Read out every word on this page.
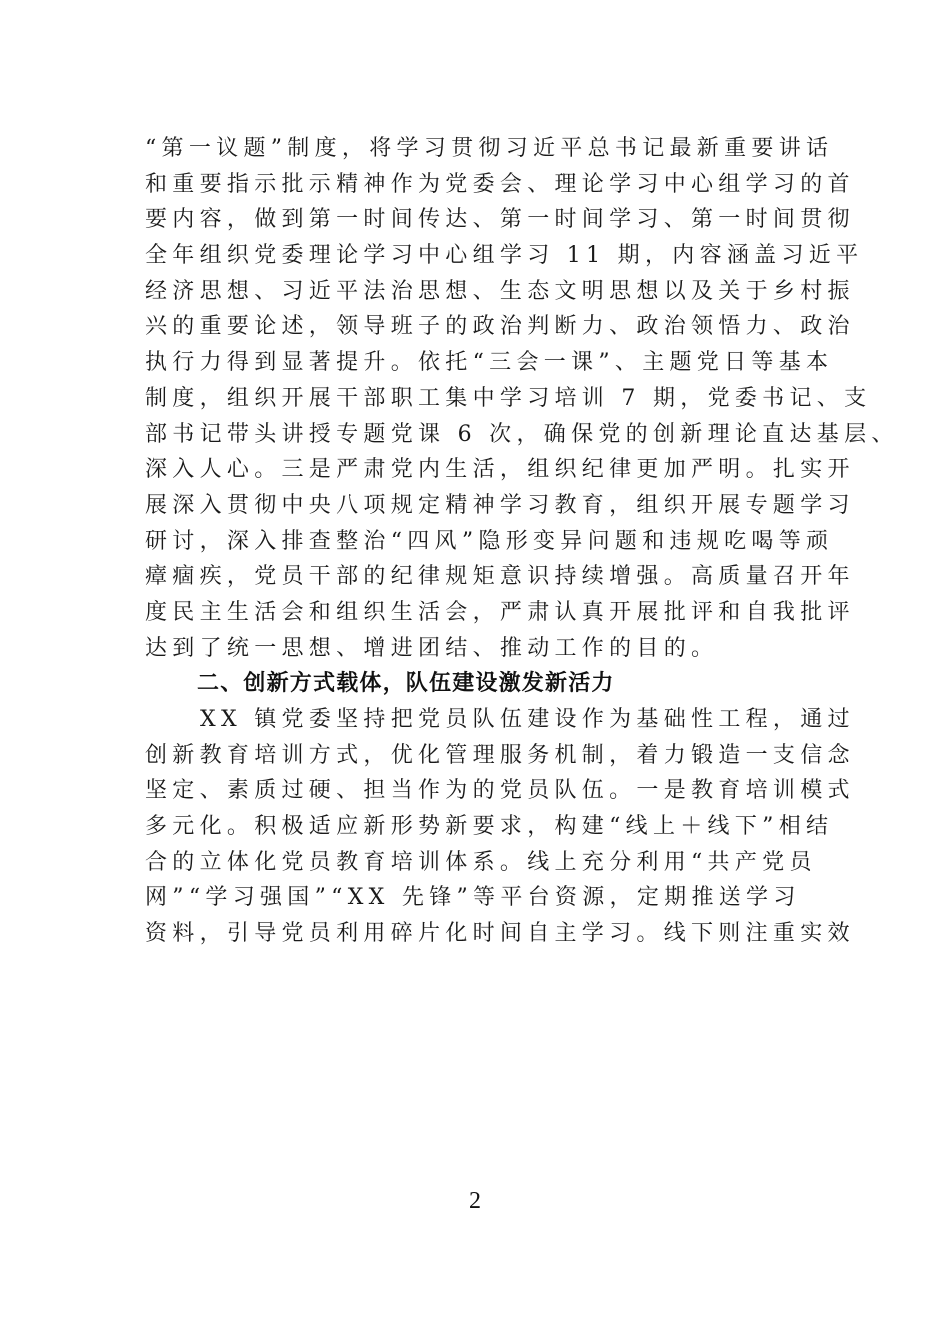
“第一议题”制度，将学习贯彻习近平总书记最新重要讲话
和重要指示批示精神作为党委会、理论学习中心组学习的首
要内容，做到第一时间传达、第一时间学习、第一时间贯彻
全年组织党委理论学习中心组学习 11 期，内容涵盖习近平
经济思想、习近平法治思想、生态文明思想以及关于乡村振
兴的重要论述，领导班子的政治判断力、政治领悟力、政治
执行力得到显著提升。依托“三会一课”、主题党日等基本
制度，组织开展干部职工集中学习培训 7 期，党委书记、支
部书记带头讲授专题党课 6 次，确保党的创新理论直达基层、
深入人心。三是严肃党内生活，组织纪律更加严明。扎实开
展深入贯彻中央八项规定精神学习教育，组织开展专题学习
研讨，深入排查整治“四风”隐形变异问题和违规吃喝等顽
瘴痼疾，党员干部的纪律规矩意识持续增强。高质量召开年
度民主生活会和组织生活会，严肃认真开展批评和自我批评
达到了统一思想、增进团结、推动工作的目的。
二、创新方式载体，队伍建设激发新活力
XX 镇党委坚持把党员队伍建设作为基础性工程，通过
创新教育培训方式，优化管理服务机制，着力锻造一支信念
坚定、素质过硬、担当作为的党员队伍。一是教育培训模式
多元化。积极适应新形势新要求，构建“线上＋线下”相结
合的立体化党员教育培训体系。线上充分利用“共产党员
网”“学习强国”“XX 先锋”等平台资源，定期推送学习
资料，引导党员利用碎片化时间自主学习。线下则注重实效
2
